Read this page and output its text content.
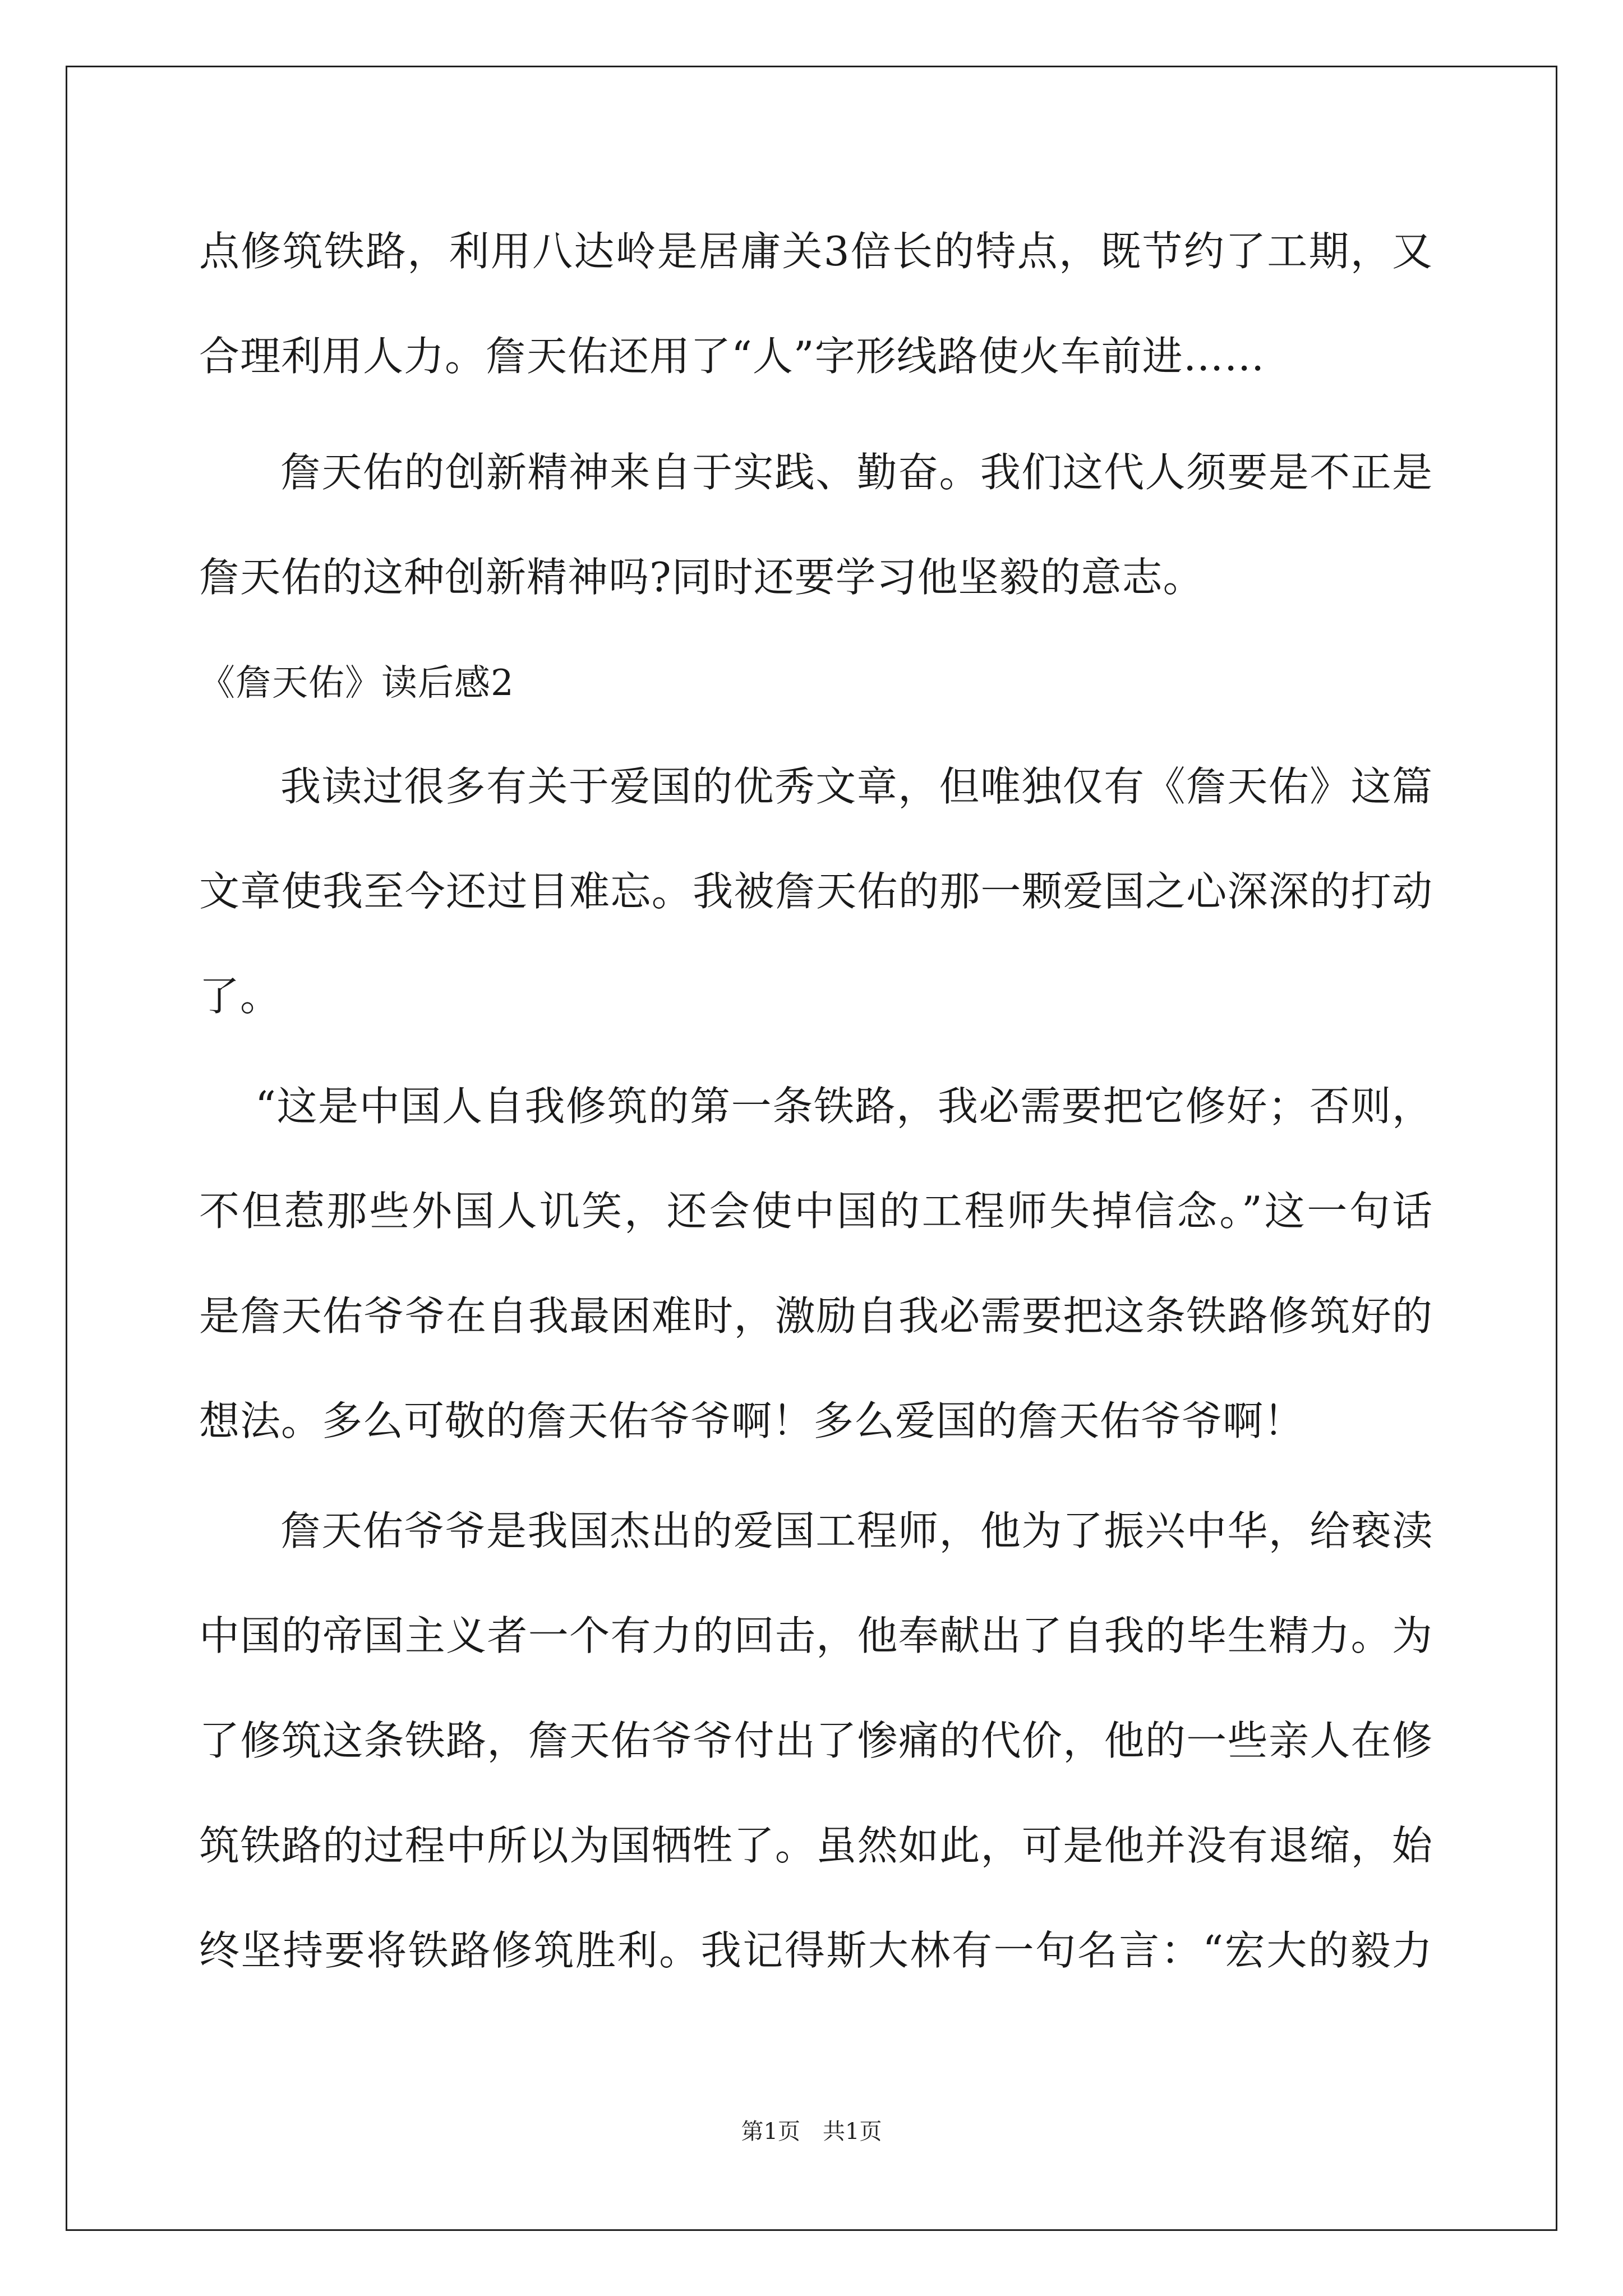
点修筑铁路，利用八达岭是居庸关3倍长的特点，既节约了工期，又
合理利用人力。詹天佑还用了“人”字形线路使火车前进……
詹天佑的创新精神来自于实践、勤奋。我们这代人须要是不正是
詹天佑的这种创新精神吗?同时还要学习他坚毅的意志。
《詹天佑》读后感2
我读过很多有关于爱国的优秀文章，但唯独仅有《詹天佑》这篇
文章使我至今还过目难忘。我被詹天佑的那一颗爱国之心深深的打动
了。
“这是中国人自我修筑的第一条铁路，我必需要把它修好；否则，
不但惹那些外国人讥笑，还会使中国的工程师失掉信念。”这一句话
是詹天佑爷爷在自我最困难时，激励自我必需要把这条铁路修筑好的
想法。多么可敬的詹天佑爷爷啊！多么爱国的詹天佑爷爷啊！
詹天佑爷爷是我国杰出的爱国工程师，他为了振兴中华，给亵渎
中国的帝国主义者一个有力的回击，他奉献出了自我的毕生精力。为
了修筑这条铁路，詹天佑爷爷付出了惨痛的代价，他的一些亲人在修
筑铁路的过程中所以为国牺牲了。虽然如此，可是他并没有退缩，始
终坚持要将铁路修筑胜利。我记得斯大林有一句名言：“宏大的毅力
第1页 共1页
